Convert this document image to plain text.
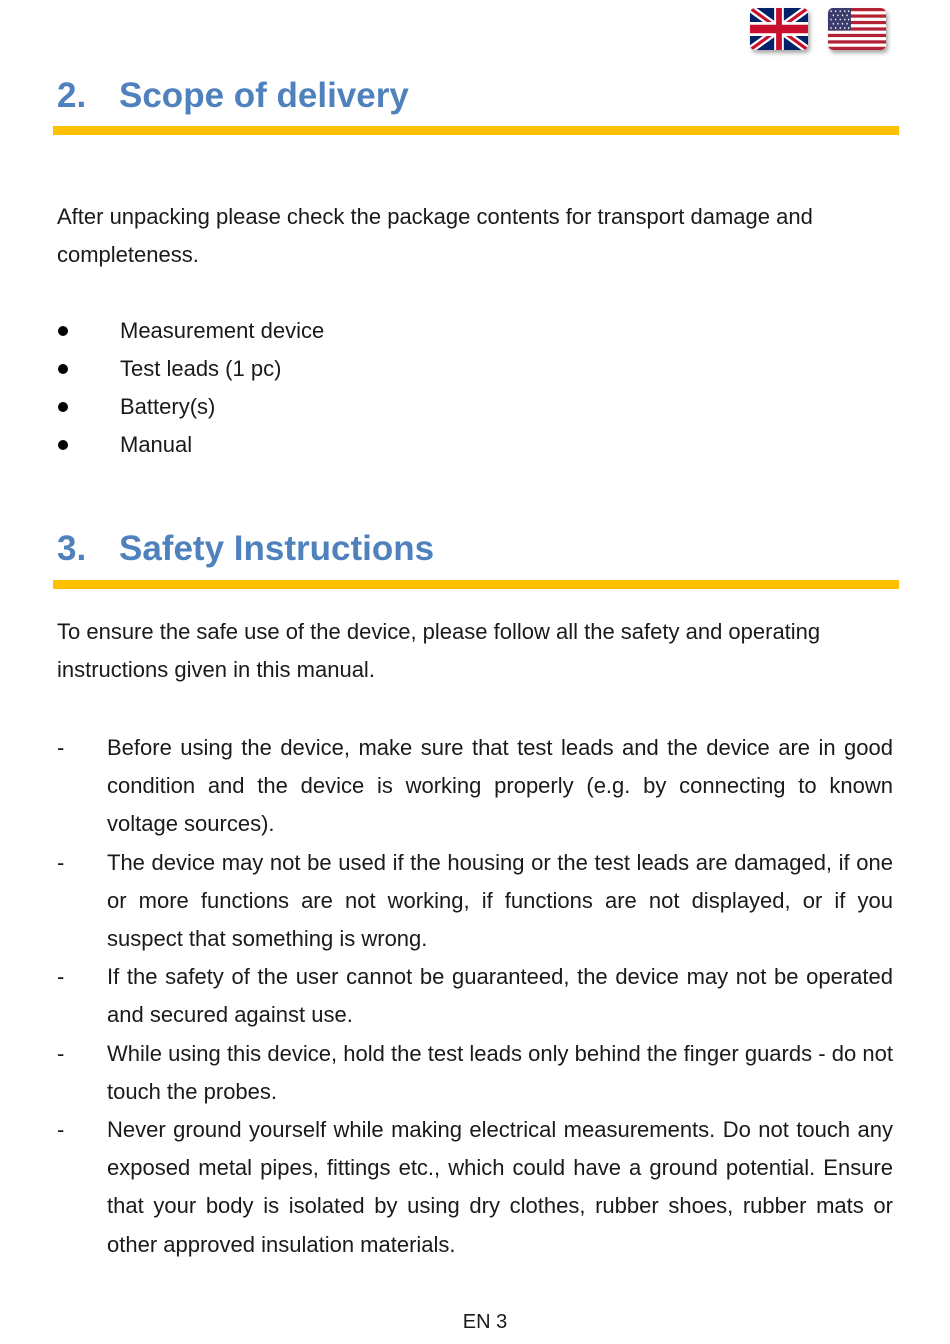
2. Scope of delivery

After unpacking please check the package contents for transport damage and completeness.

Measurement device
Test leads (1 pc)
Battery(s)
Manual
3. Safety Instructions

To ensure the safe use of the device, please follow all the safety and operating instructions given in this manual.

- Before using the device, make sure that test leads and the device are in good condition and the device is working properly (e.g. by connecting to known voltage sources).
- The device may not be used if the housing or the test leads are damaged, if one or more functions are not working, if functions are not displayed, or if you suspect that something is wrong.
- If the safety of the user cannot be guaranteed, the device may not be operated and secured against use.
- While using this device, hold the test leads only behind the finger guards - do not touch the probes.
- Never ground yourself while making electrical measurements. Do not touch any exposed metal pipes, fittings etc., which could have a ground potential. Ensure that your body is isolated by using dry clothes, rubber shoes, rubber mats or other approved insulation materials.
EN 3
